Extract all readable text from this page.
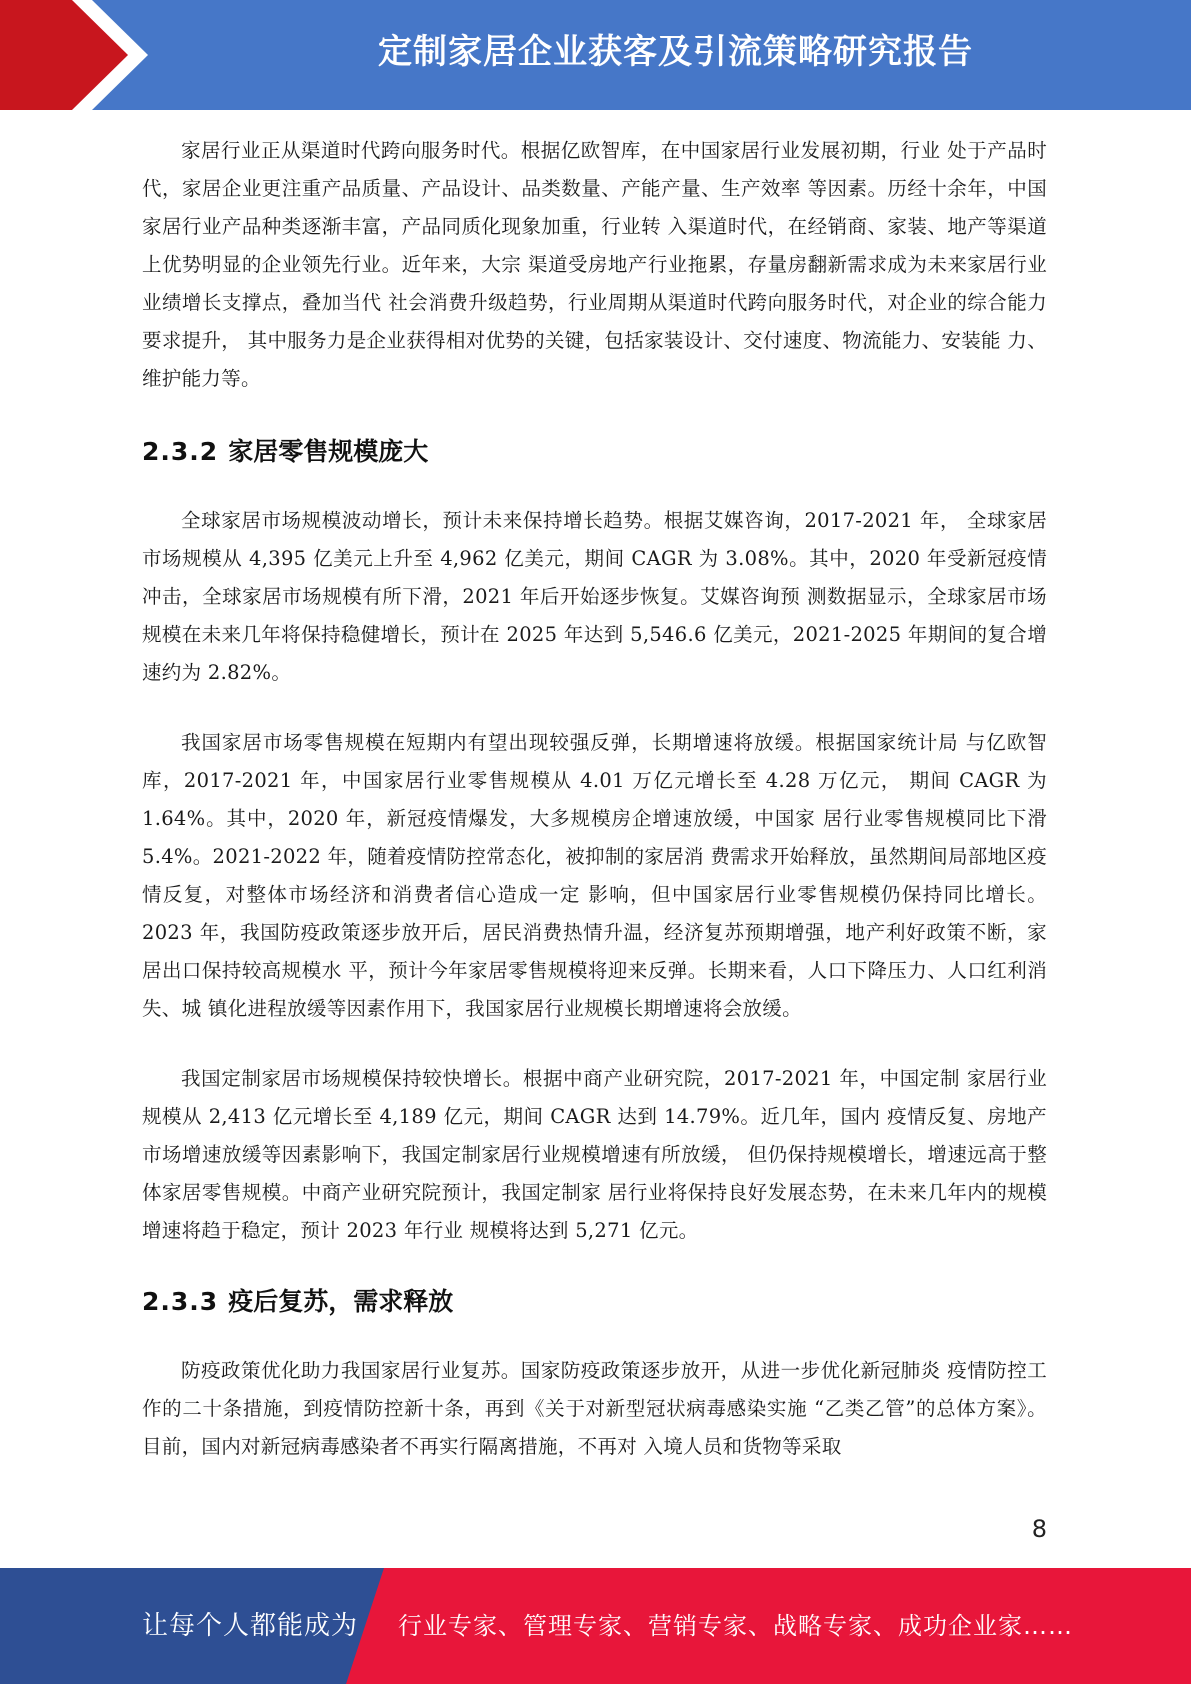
定制家居企业获客及引流策略研究报告

家居行业正从渠道时代跨向服务时代。根据亿欧智库，在中国家居行业发展初期，行业 处于产品时代，家居企业更注重产品质量、产品设计、品类数量、产能产量、生产效率 等因素。历经十余年，中国家居行业产品种类逐渐丰富，产品同质化现象加重，行业转 入渠道时代，在经销商、家装、地产等渠道上优势明显的企业领先行业。近年来，大宗 渠道受房地产行业拖累，存量房翻新需求成为未来家居行业业绩增长支撑点，叠加当代 社会消费升级趋势，行业周期从渠道时代跨向服务时代，对企业的综合能力要求提升， 其中服务力是企业获得相对优势的关键，包括家装设计、交付速度、物流能力、安装能 力、维护能力等。

2.3.2 家居零售规模庞大

全球家居市场规模波动增长，预计未来保持增长趋势。根据艾媒咨询，2017-2021 年， 全球家居市场规模从 4,395 亿美元上升至 4,962 亿美元，期间 CAGR 为 3.08%。其中，2020 年受新冠疫情冲击，全球家居市场规模有所下滑，2021 年后开始逐步恢复。艾媒咨询预 测数据显示，全球家居市场规模在未来几年将保持稳健增长，预计在 2025 年达到 5,546.6 亿美元，2021-2025 年期间的复合增速约为 2.82%。

我国家居市场零售规模在短期内有望出现较强反弹，长期增速将放缓。根据国家统计局 与亿欧智库，2017-2021 年，中国家居行业零售规模从 4.01 万亿元增长至 4.28 万亿元， 期间 CAGR 为 1.64%。其中，2020 年，新冠疫情爆发，大多规模房企增速放缓，中国家 居行业零售规模同比下滑 5.4%。2021-2022 年，随着疫情防控常态化，被抑制的家居消 费需求开始释放，虽然期间局部地区疫情反复，对整体市场经济和消费者信心造成一定 影响，但中国家居行业零售规模仍保持同比增长。2023 年，我国防疫政策逐步放开后，居民消费热情升温，经济复苏预期增强，地产利好政策不断，家居出口保持较高规模水 平，预计今年家居零售规模将迎来反弹。长期来看，人口下降压力、人口红利消失、城 镇化进程放缓等因素作用下，我国家居行业规模长期增速将会放缓。

我国定制家居市场规模保持较快增长。根据中商产业研究院，2017-2021 年，中国定制 家居行业规模从 2,413 亿元增长至 4,189 亿元，期间 CAGR 达到 14.79%。近几年，国内 疫情反复、房地产市场增速放缓等因素影响下，我国定制家居行业规模增速有所放缓， 但仍保持规模增长，增速远高于整体家居零售规模。中商产业研究院预计，我国定制家 居行业将保持良好发展态势，在未来几年内的规模增速将趋于稳定，预计 2023 年行业 规模将达到 5,271 亿元。

2.3.3 疫后复苏，需求释放

防疫政策优化助力我国家居行业复苏。国家防疫政策逐步放开，从进一步优化新冠肺炎 疫情防控工作的二十条措施，到疫情防控新十条，再到《关于对新型冠状病毒感染实施 “乙类乙管”的总体方案》。目前，国内对新冠病毒感染者不再实行隔离措施，不再对 入境人员和货物等采取

8
让每个人都能成为 行业专家、管理专家、营销专家、战略专家、成功企业家……
